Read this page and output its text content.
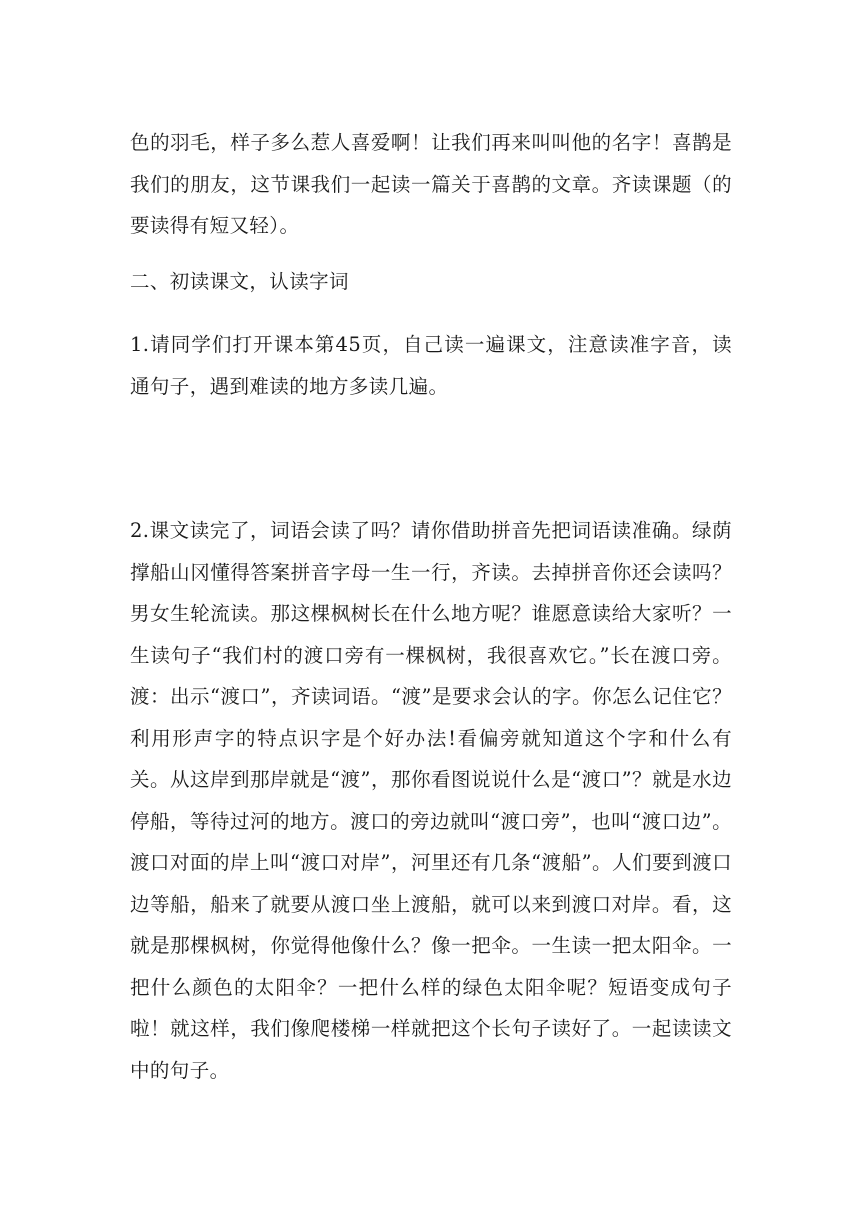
色的羽毛，样子多么惹人喜爱啊！让我们再来叫叫他的名字！喜鹊是我们的朋友，这节课我们一起读一篇关于喜鹊的文章。齐读课题（的要读得有短又轻）。

二、初读课文，认读字词

1.请同学们打开课本第45页，自己读一遍课文，注意读准字音，读通句子，遇到难读的地方多读几遍。

2.课文读完了，词语会读了吗？请你借助拼音先把词语读准确。绿荫撑船山冈懂得答案拼音字母一生一行，齐读。去掉拼音你还会读吗？男女生轮流读。那这棵枫树长在什么地方呢？谁愿意读给大家听？一生读句子“我们村的渡口旁有一棵枫树，我很喜欢它。”长在渡口旁。渡：出示“渡口”，齐读词语。“渡”是要求会认的字。你怎么记住它？利用形声字的特点识字是个好办法!看偏旁就知道这个字和什么有关。从这岸到那岸就是“渡”，那你看图说说什么是“渡口”？就是水边停船，等待过河的地方。渡口的旁边就叫“渡口旁”，也叫“渡口边”。渡口对面的岸上叫“渡口对岸”，河里还有几条“渡船”。人们要到渡口边等船，船来了就要从渡口坐上渡船，就可以来到渡口对岸。看，这就是那棵枫树，你觉得他像什么？像一把伞。一生读一把太阳伞。一把什么颜色的太阳伞？一把什么样的绿色太阳伞呢？短语变成句子啦！就这样，我们像爬楼梯一样就把这个长句子读好了。一起读读文中的句子。
